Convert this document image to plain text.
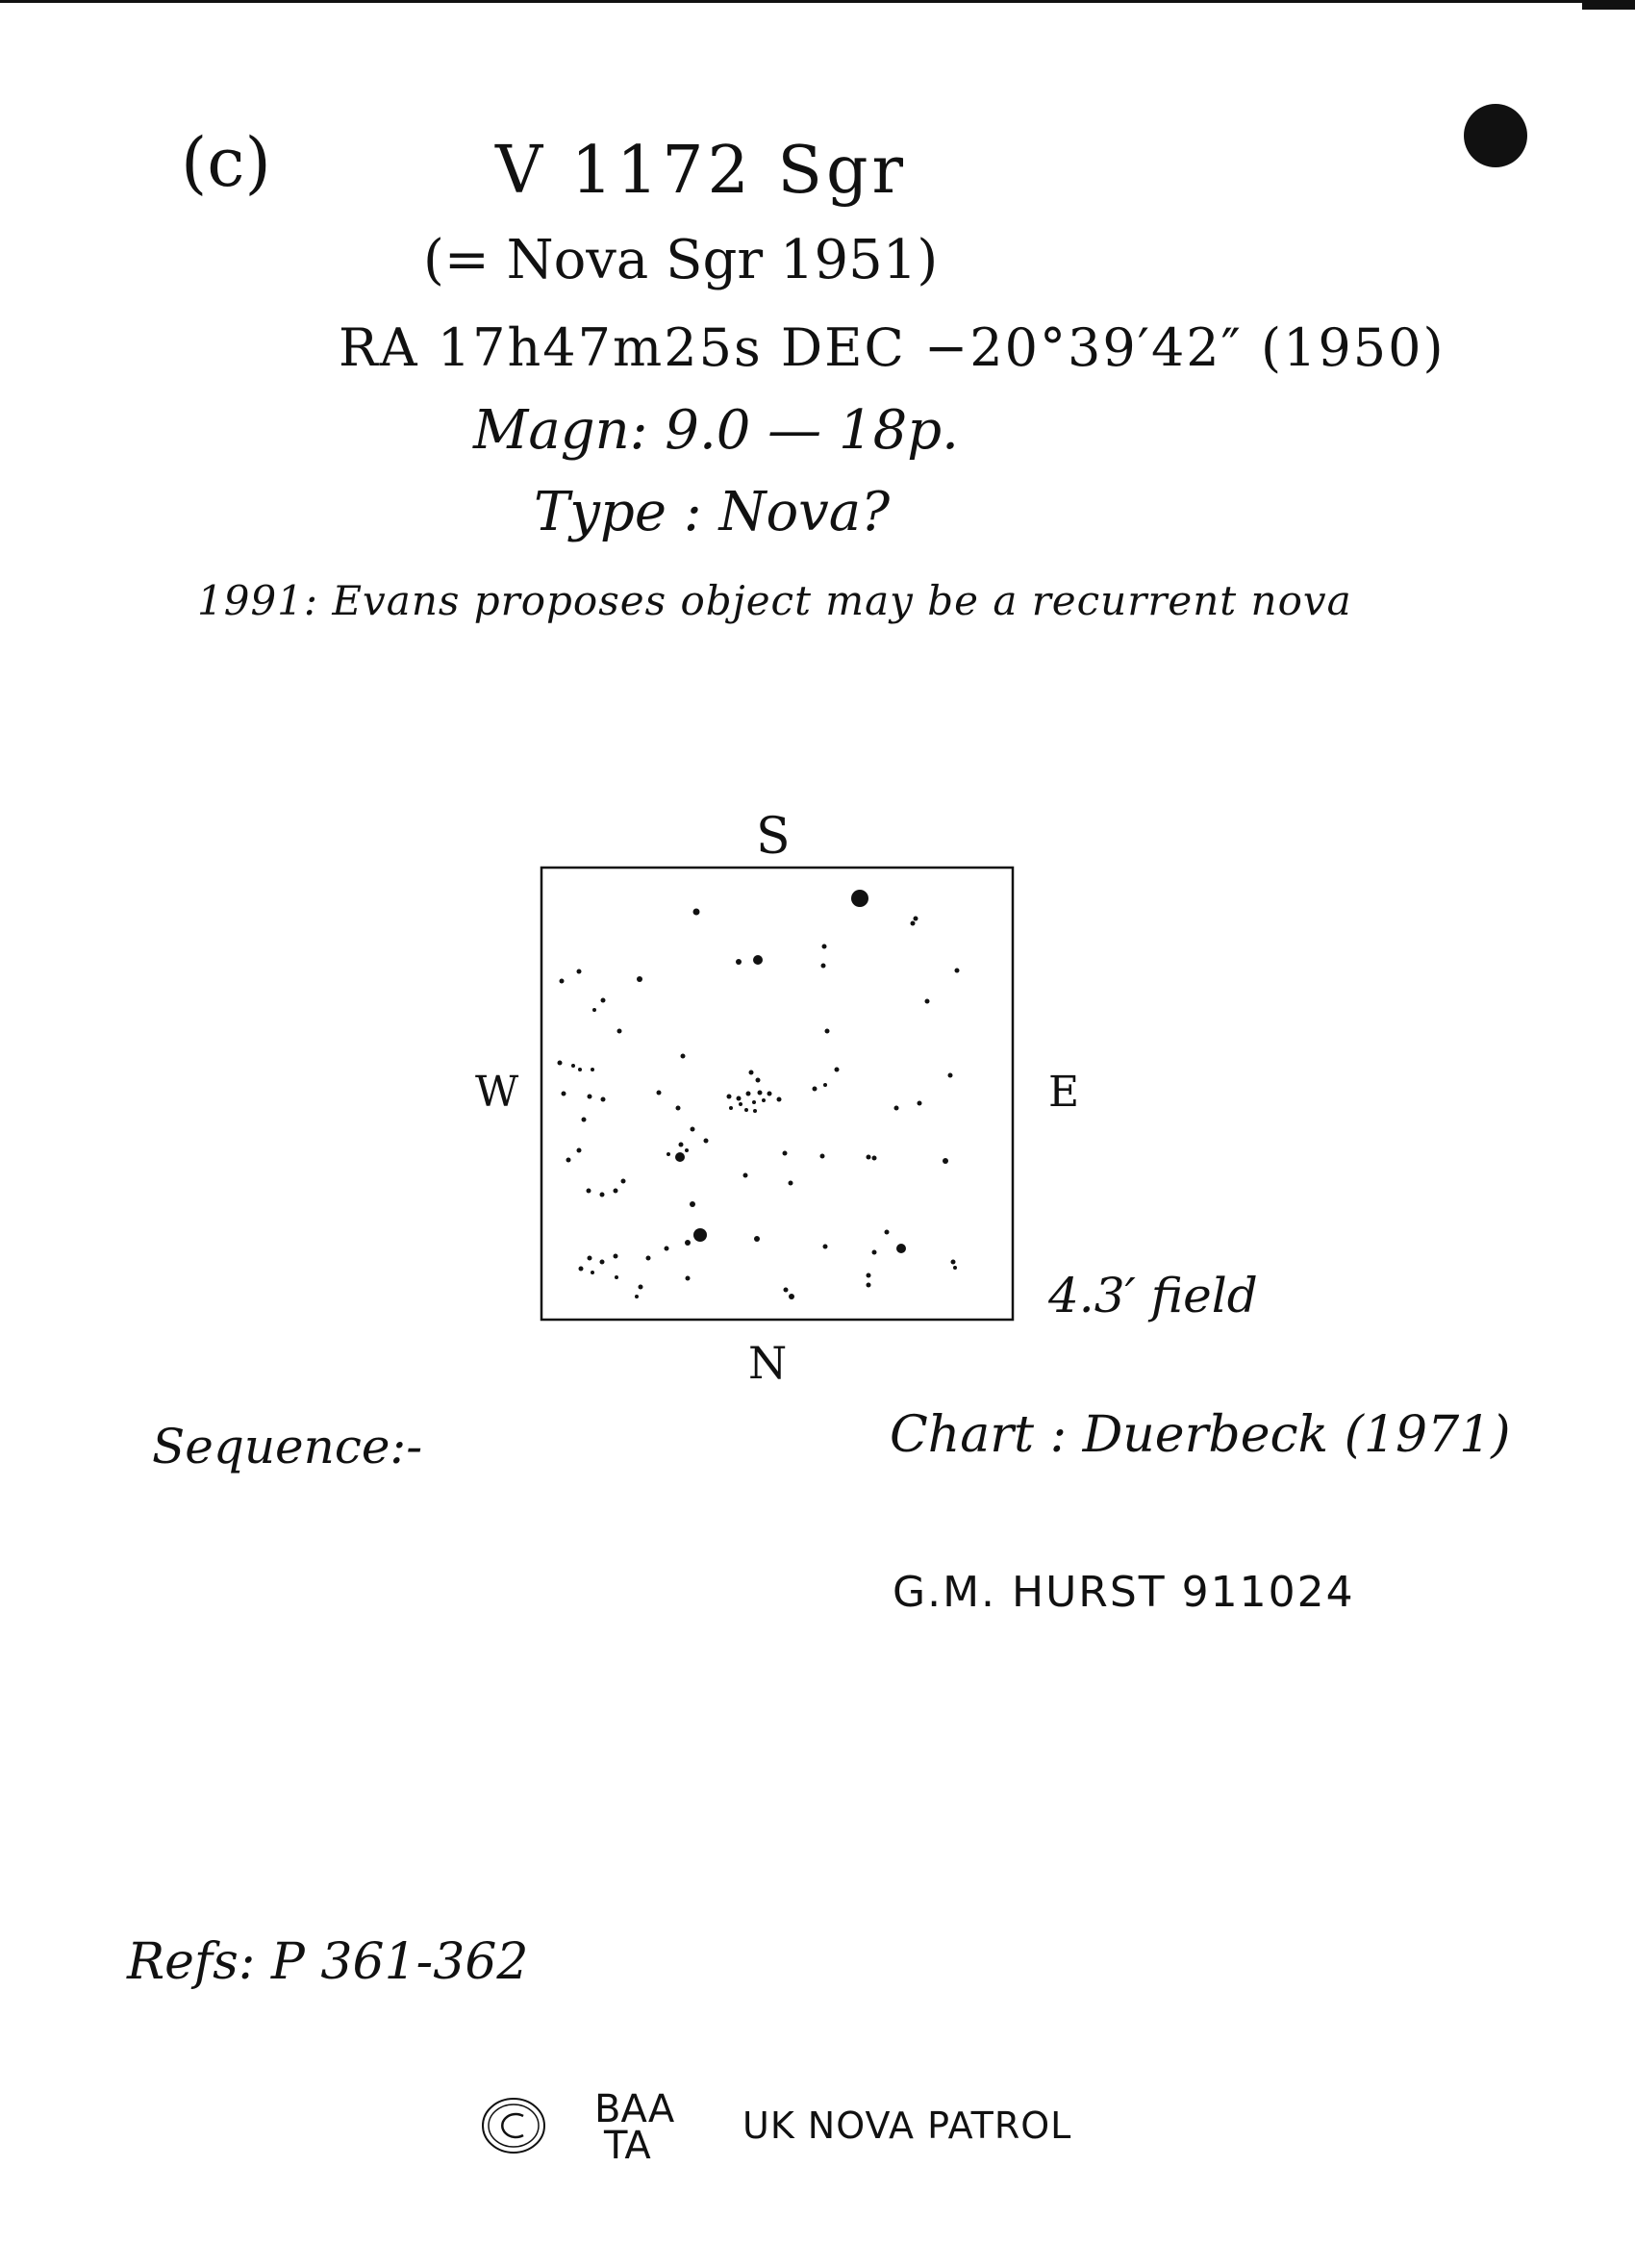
(c)	V 1172 Sgr
(= Nova Sgr 1951)
RA 17h47m25s DEC −20°39′42″ (1950)
Magn: 9.0 — 18p.
Type : Nova?
1991: Evans proposes object may be a recurrent nova
S
W	E
N
4.3′ field
Sequence:-	Chart : Duerbeck (1971)
G.M. HURST 911024
Refs: P 361-362
BAA
TA	UK NOVA PATROL
